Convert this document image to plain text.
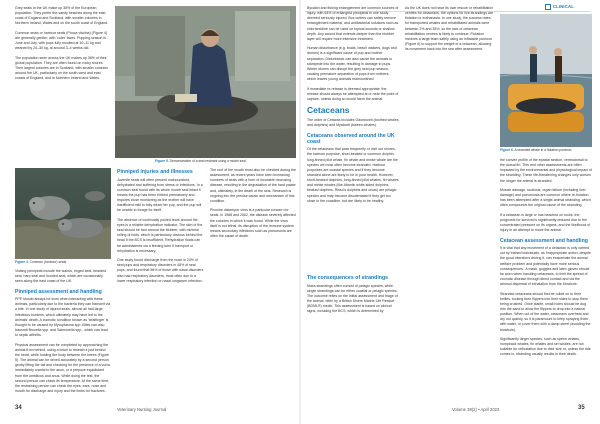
CLINICAL

Grey seals in the UK make up 38% of the European population. They prefer the sandy beaches along the east coast of England and Scotland, with smaller colonies in Northern Ireland, Wales and on the south coast of England.

Common seals or harbour seals (Phoca vitulina) (Figure 4) are generally gentler, with 'cuter' faces. Pupping season is June and July, with pups fully moulted at 10–11 kg and weaned by 20–30 kg, at around 3–4 weeks old.

The population seen across the UK makes up 38% of their global population. They are often found on rocky shores. Their largest colonies are in Scotland, with smaller colonies around the UK, particularly on the south-west and east coasts of England, and in Northern Ireland and Wales.

Figure 4. Common (harbour) seals.

Visiting pinnipeds include the walrus, ringed seal, bearded seal, harp seal and hooded seal, which are occasionally seen along the east coast of the UK.

Pinniped assessment and handling

PPE should always be worn when interacting with these animals, particularly due to the bacteria they can transmit via a bite. In one study of injured seals, almost all had large infectious burdens, which ultimately may have led to the animals' death. A zoonotic condition known as 'sealfinger' is thought to be caused by Mycoplasma spp. Bites can also transmit Brucella spp. and Salmonella spp., which can lead to septic arthritis.

Physical assessment can be completed by approaching the animal from behind, using a towel to restrain it just behind the head, while holding the body between the knees (Figure 5). The animal can be sexed accurately by a second person gently lifting the tail and checking for the presence of a vulva immediately cranial to the anus, or a prepuce equidistant from the umbilicus and anus. While doing the test, the second person can check its temperature. At the same time, the restraining person can check the eyes, ears, nose and mouth for discharge and injury and the limbs for fractures.

Figure 5. Demonstration of a seal restraint using a model seal.
Pinniped injuries and illnesses

Juvenile seals will often present malnourished, dehydrated and suffering from stress or infections. In a common seal found with its whole mouth seal intact it means the pup has been birthed prematurely and requires close monitoring as the mother will have insufficient milk to fully wean her pup, and the pup will be unable to forage for itself.

The absence of continually pooled tears around the eyes is a reliable dehydration indicator. The skin of the seal should be taut around the blubber, with minimal rolling of folds, which is particularly obvious behind the head if the BCS is insufficient. Rehydration fluids can be administered via a feeding tube if transport or rehydration is necessary.

One study found discharge from the nose in 24% of seal pups and respiratory disorders in 48% of seal pups, and found that 56% of those with nasal disorders also had respiratory disorders, most often due to a lower respiratory infection or nasal lungworm infection.

The roof of the mouth must also be checked during the assessment, as recent years have seen increasing numbers of seals with a form of incurable necrosing disease, resulting in the degradation of the hard palate and, ultimately, in the death of the seal. Research is ongoing into the precise cause and mechanism of this condition.

Phocine distemper virus is a particular concern for seals. In 1988 and 2002, the disease severely affected the colonies in which it was found. While the virus itself is not lethal, its disruption of the immune system means secondary infections such as pneumonia are often the cause of death.

Bycatch and fishing entanglement are common sources of injury, with 64% of entangled pinnipeds in one study deemed seriously injured. Box cutters can safely remove entanglement material, and antibacterial solutions such as chlorhexidine can be used on topical wounds or shallow depth. Any wound that extends deeper than the blubber layer will require more intensive treatment.

Human disturbance (e.g. boats, beach walkers, dogs and drones) is a significant cause of pup and mother separation. Disturbance can also cause the animals to stampede into the water, resulting in damage to pups. Winter storms can disrupt the grey seal pup season, causing premature separation of pups from mothers, which leaves young animals malnourished.

If immediate re-release is deemed appropriate, the release should always be attempted at or near the point of capture, unless doing so would harm the animal.

Cetaceans

The order of Cetacea includes Odontoceti (toothed whales and dolphins) and Mysticeti (baleen whales).

Cetaceans observed around the UK coast

Of the cetaceans that pass frequently or visit our shores, the harbour porpoise, short-beaked or common dolphin, long-finned pilot whale, fin whale and minke whale are the species we most often become stranded. Harbour porpoises are coastal species and if they become stranded alone are likely to be in poor health. However, short-beaked dolphins, long-finned pilot whales, fin whales and minke whales (like Atlantic white-sided dolphins, beaked dolphins, Risso's dolphins and orcas) are pelagic species and may become disorientated if they get too close to the coastline, but are likely to be healthy.

As the UK does not have its own rescue or rehabilitation centres for cetaceans, the options for live strandings are flotation or euthanasia. In one study, the success rates for transported whales and rehabilitated animals were between 2% and 35%, so the lack of cetacean rehabilitation centres is likely to continue. Flotation involves a large team safely using an inflatable pontoon (Figure 6) to support the weight of a cetacean, allowing its movement back into the sea after assessment.

The consequences of strandings

Mass strandings often consist of pelagic species, while single strandings can be either coastal or pelagic species. The outcome relies on the initial assessment and triage of the animal, often by a British Divers Marine Life Rescue (BDMLR) medic. This assessment is based on clinical signs, including the BCS, which is determined by

Figure 6. A stranded whale in a flotation pontoon.

the convex profile of the epaxial section, ventrodorsal to the dorsal fin. This and other assessments are often impacted by the environmental and physiological impact of the stranding. These life-threatening changes only worsen the longer the animal is stranded.

Muscle damage, scoliosis, organ failure (including liver damage) and pneumonia are common where re-flotation has been attempted after a single-animal stranding, which often compounds the original cause of the stranding.

If a cetacean is large or has beached on rocks, the prognosis for survival is significantly reduced due to the concentrated pressure on its organs, and the likelihood of injury in an attempt to move the animal.

Cetacean assessment and handling

It is vital that any movement of a cetacean is only carried out by trained individuals, as 'inappropriate action, despite the good intentions driving it, can exacerbate the animal welfare problem and potentially have more serious consequences'. A mask, goggles and latex gloves should be worn when handling cetaceans, to limit the spread of zoonotic disease through direct contact and via the aerosol dispersal of exhalation from the blowhole.

Stranded cetaceans should first be rolled on to their bellies, tucking their flippers into their sides to stop them being crushed. Once stable, small holes should be dug into the sand to allow the flippers to drop into a natural position. When out of the water, cetaceans overheat and dry out quickly, so it is paramount to keep spraying them with water, or cover them with a damp sheet (avoiding the blowhole).

Significantly larger species, such as sperm whales, humpback whales, fin whales and sei whales, are not suitable for refloatation due to their size or, unless the tide comes in, stranding usually results in their death.

34	Veterinary Nursing Journal	Volume 38(2) • April 2023	35
